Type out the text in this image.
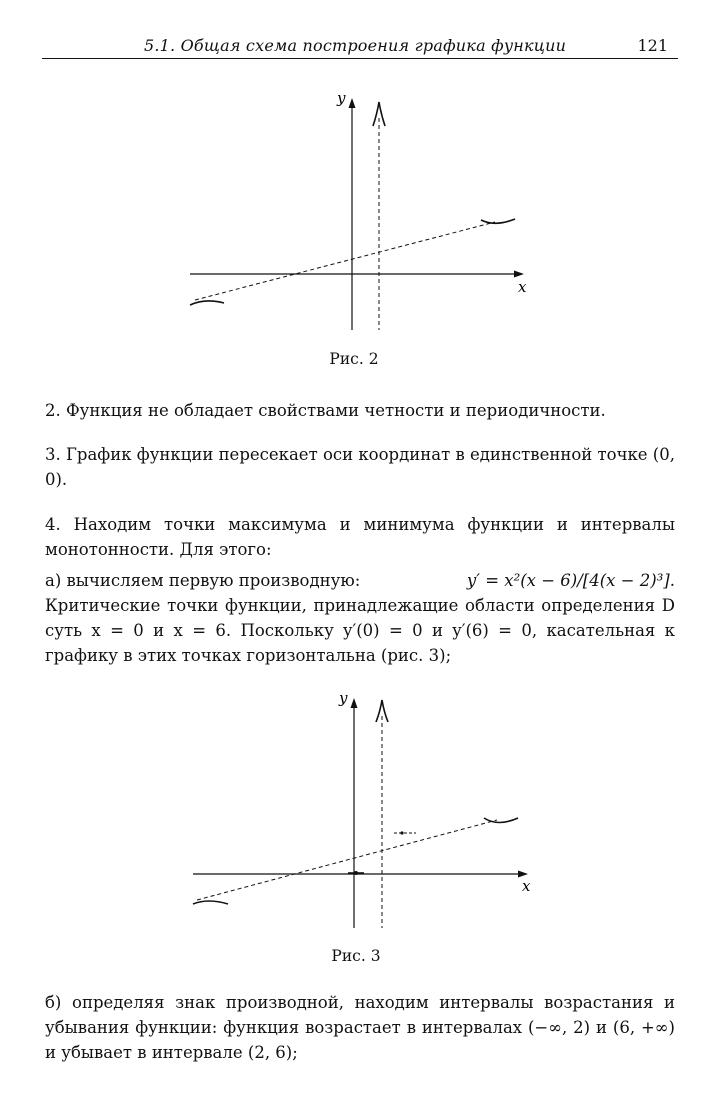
5.1. Общая схема построения графика функции	121
y
x
Рис. 2
2. Функция не обладает свойствами четности и периодичности.
3. График функции пересекает оси координат в единственной точке (0, 0).
4. Находим точки максимума и минимума функции и интервалы монотонности. Для этого:
а) вычисляем первую производную:	y′ = x²(x − 6)/[4(x − 2)³].

Критические точки функции, принадлежащие области определения D суть x = 0 и x = 6. Поскольку y′(0) = 0 и y′(6) = 0, касательная к графику в этих точках горизонтальна (рис. 3);
y
x
Рис. 3
б) определяя знак производной, находим интервалы возрастания и убывания функции: функция возрастает в интервалах (−∞, 2) и (6, +∞) и убывает в интервале (2, 6);
